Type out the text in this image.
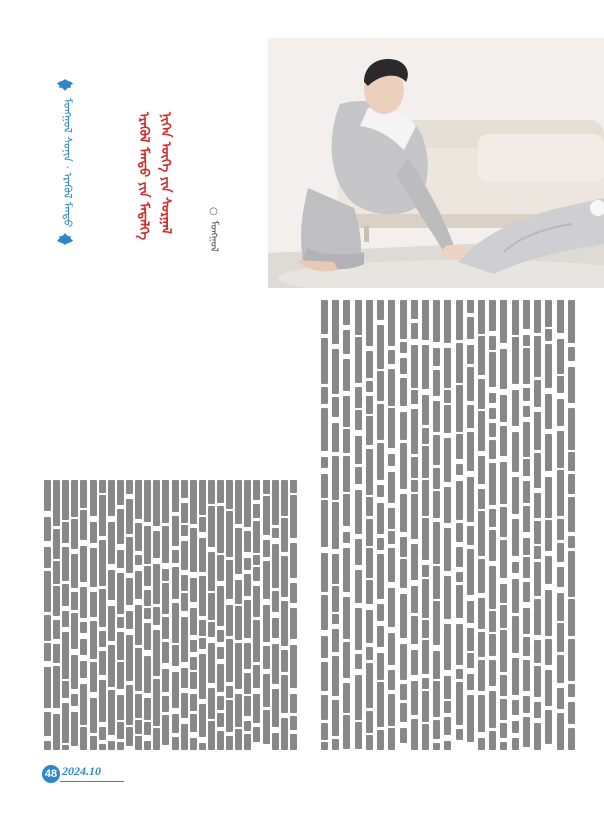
ᠮᠣᠩᠭᠣᠯ ᠰᠤᠨᠢᠨ · ᠡᠷᠡᠭᠦᠯ ᠮᠡᠨᠳᠦ	ᠡᠷᠡᠭᠦᠯ ᠮᠡᠨᠳᠦ ᠶᠢᠨ ᠮᠡᠳᠡᠯᠭᠡ ᠨᠢᠭᠡᠨ ᠦᠭᠡ ᠶᠢᠨ ᠰᠤᠷᠭᠠᠯ	○ ᠮᠣᠩᠭᠣᠯ
48 2024.10
